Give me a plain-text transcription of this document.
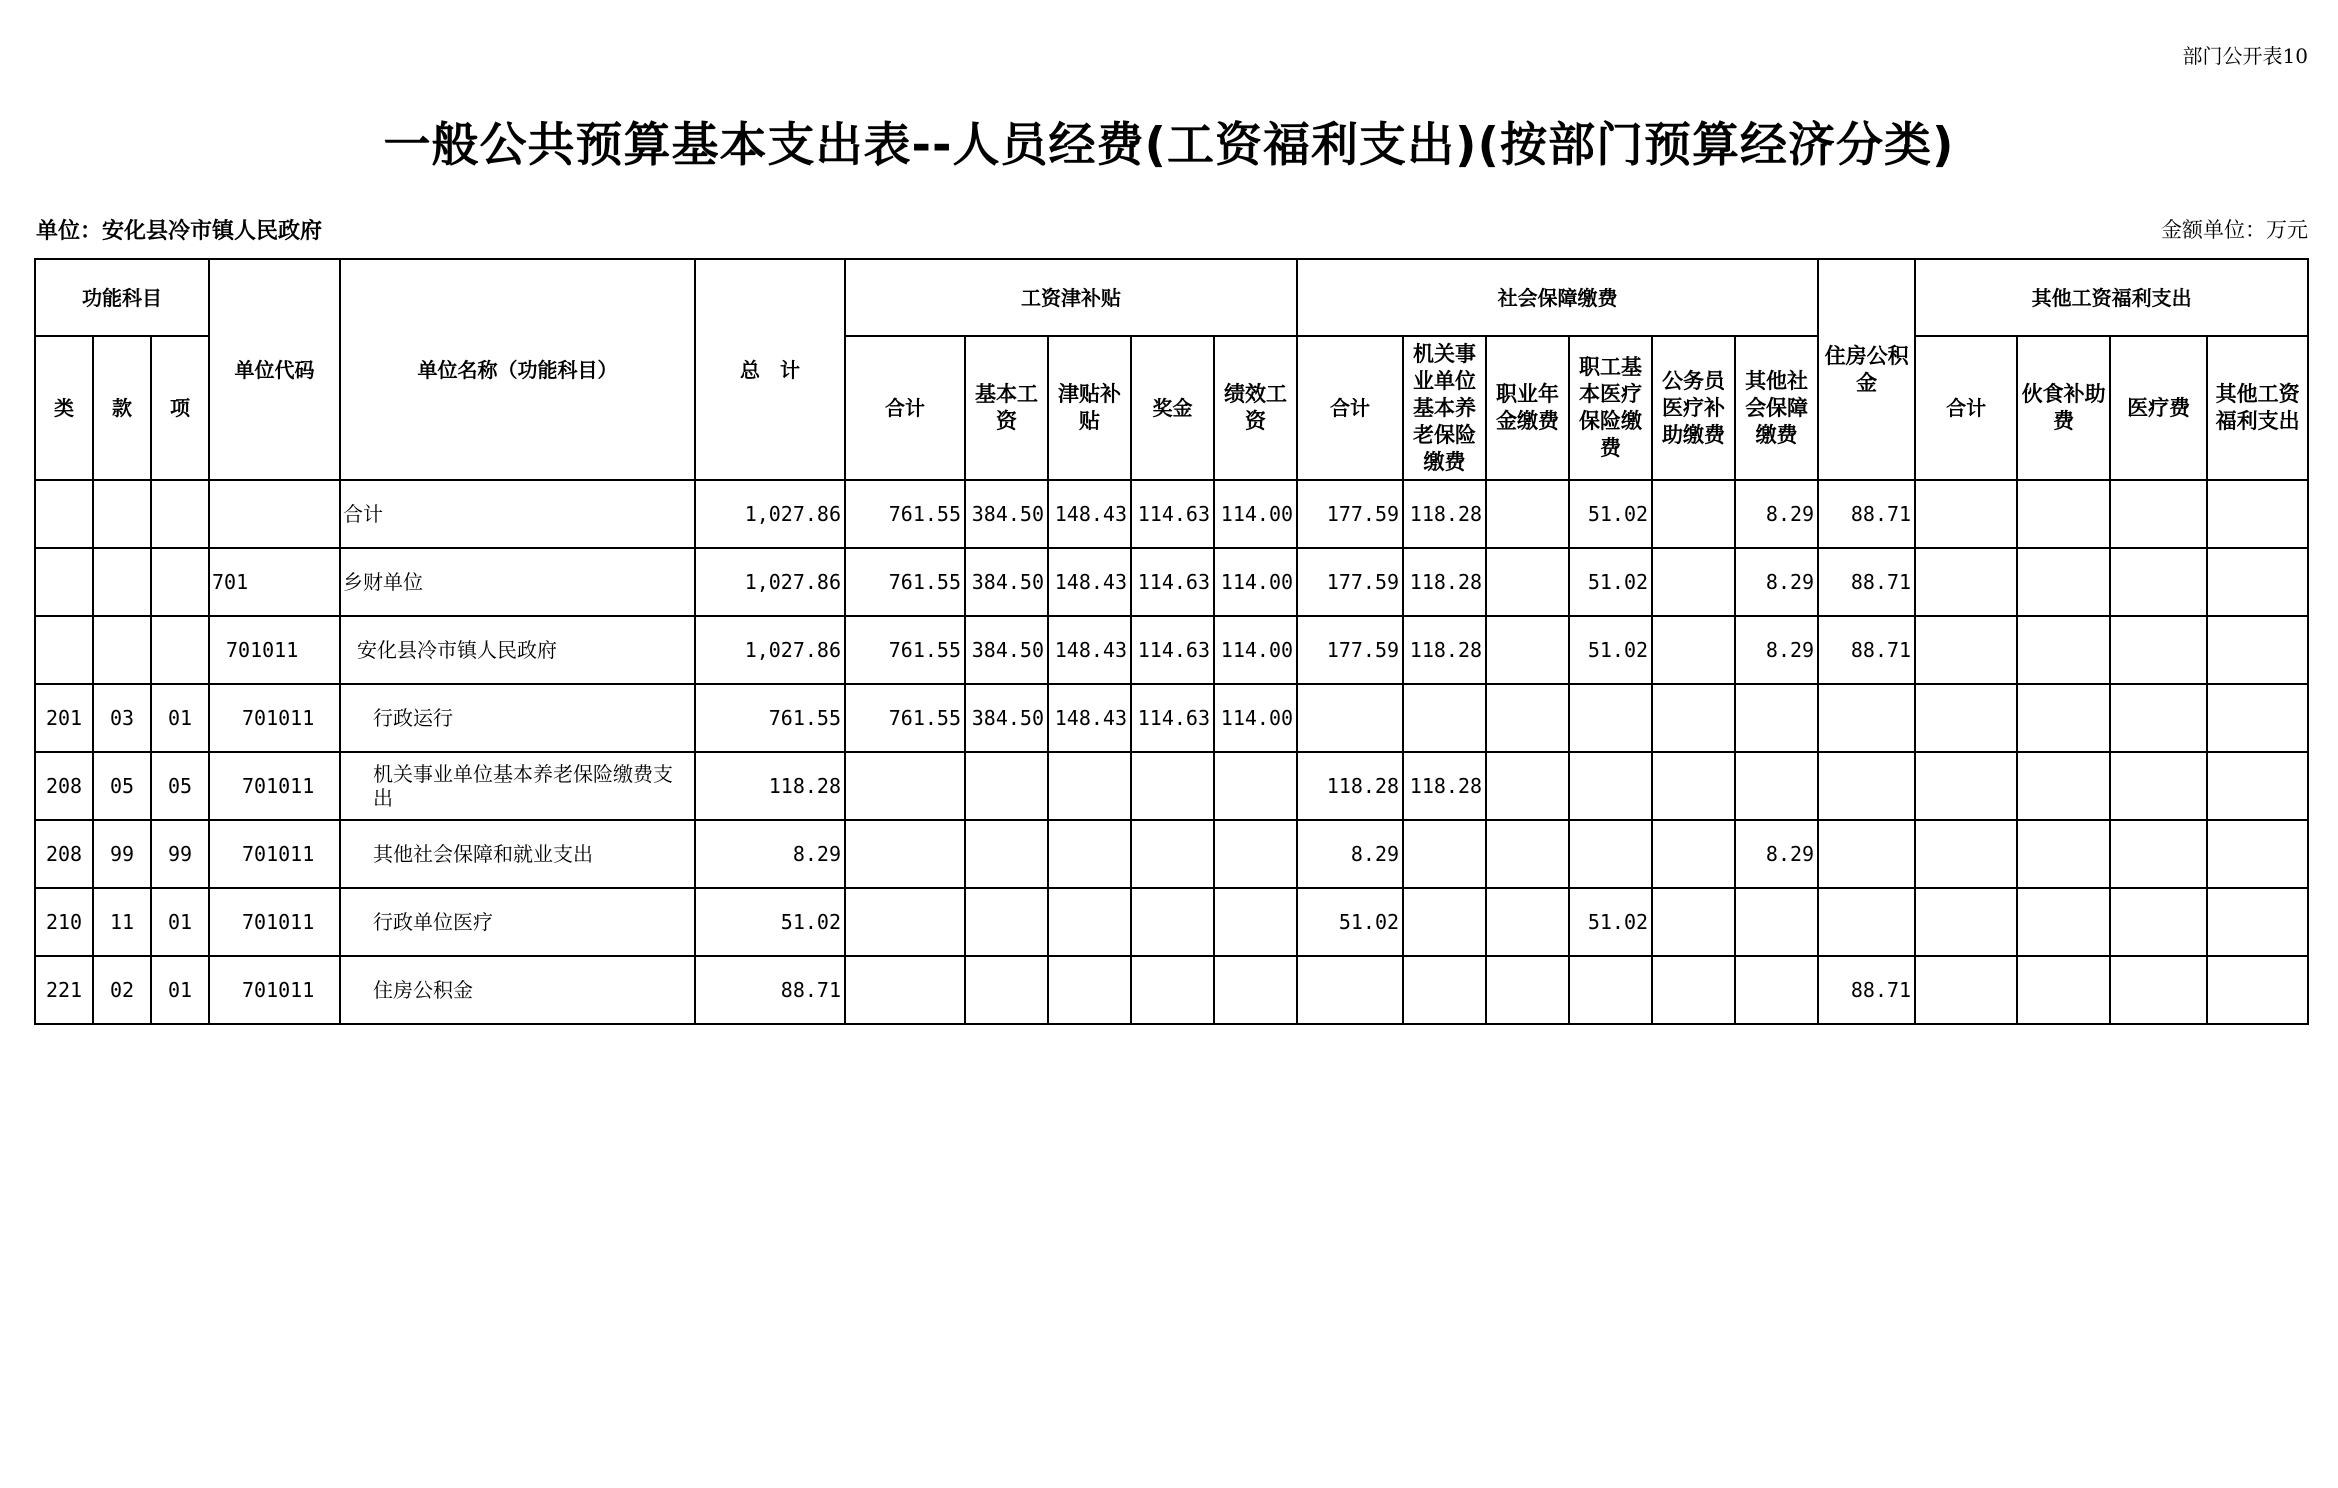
部门公开表10
一般公共预算基本支出表--人员经费(工资福利支出)(按部门预算经济分类)
单位：安化县冷市镇人民政府	金额单位：万元
功能科目			单位代码	单位名称（功能科目）	总　计	工资津补贴					社会保障缴费						住房公积金	其他工资福利支出			
类	款	项				合计	基本工资	津贴补贴	奖金	绩效工资	合计	机关事业单位基本养老保险缴费	职业年金缴费	职工基本医疗保险缴费	公务员医疗补助缴费	其他社会保障缴费		合计	伙食补助费	医疗费	其他工资福利支出
				合计	1,027.86	761.55	384.50	148.43	114.63	114.00	177.59	118.28		51.02		8.29	88.71				
			701	乡财单位	1,027.86	761.55	384.50	148.43	114.63	114.00	177.59	118.28		51.02		8.29	88.71				
			701011	安化县冷市镇人民政府	1,027.86	761.55	384.50	148.43	114.63	114.00	177.59	118.28		51.02		8.29	88.71				
201	03	01	701011	行政运行	761.55	761.55	384.50	148.43	114.63	114.00											
208	05	05	701011	机关事业单位基本养老保险缴费支出	118.28						118.28	118.28									
208	99	99	701011	其他社会保障和就业支出	8.29						8.29					8.29					
210	11	01	701011	行政单位医疗	51.02						51.02			51.02							
221	02	01	701011	住房公积金	88.71												88.71				
